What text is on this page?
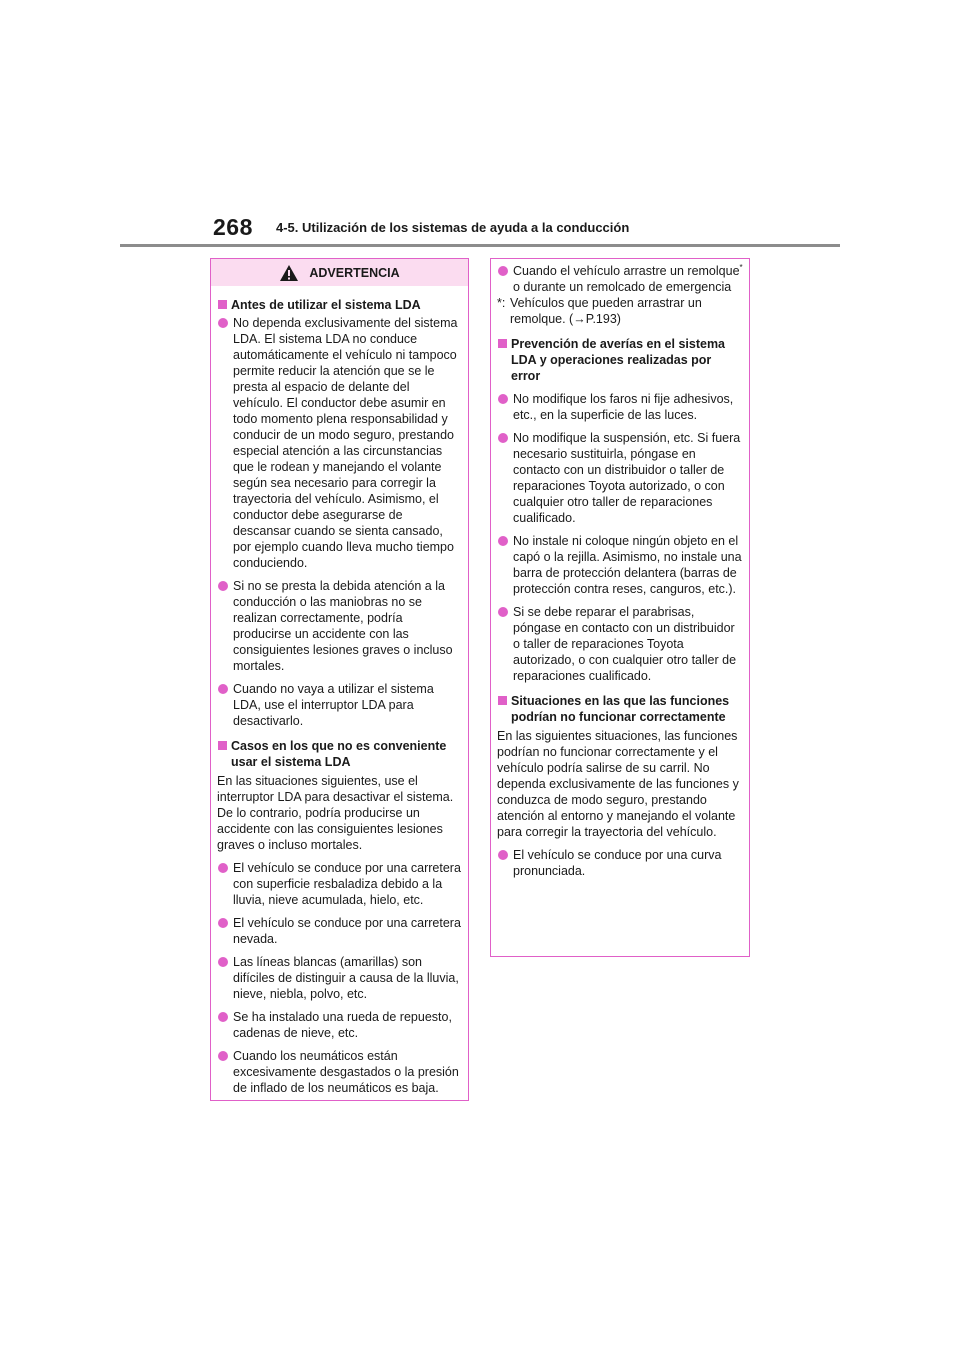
268 4-5. Utilización de los sistemas de ayuda a la conducción
ADVERTENCIA
Antes de utilizar el sistema LDA
No dependa exclusivamente del sistema LDA. El sistema LDA no conduce automáticamente el vehículo ni tampoco permite reducir la atención que se le presta al espacio de delante del vehículo. El conductor debe asumir en todo momento plena responsabilidad y conducir de un modo seguro, prestando especial atención a las circunstancias que le rodean y manejando el volante según sea necesario para corregir la trayectoria del vehículo. Asimismo, el conductor debe asegurarse de descansar cuando se sienta cansado, por ejemplo cuando lleva mucho tiempo conduciendo.
Si no se presta la debida atención a la conducción o las maniobras no se realizan correctamente, podría producirse un accidente con las consiguientes lesiones graves o incluso mortales.
Cuando no vaya a utilizar el sistema LDA, use el interruptor LDA para desactivarlo.
Casos en los que no es conveniente usar el sistema LDA
En las situaciones siguientes, use el interruptor LDA para desactivar el sistema. De lo contrario, podría producirse un accidente con las consiguientes lesiones graves o incluso mortales.
El vehículo se conduce por una carretera con superficie resbaladiza debido a la lluvia, nieve acumulada, hielo, etc.
El vehículo se conduce por una carretera nevada.
Las líneas blancas (amarillas) son difíciles de distinguir a causa de la lluvia, nieve, niebla, polvo, etc.
Se ha instalado una rueda de repuesto, cadenas de nieve, etc.
Cuando los neumáticos están excesivamente desgastados o la presión de inflado de los neumáticos es baja.
Cuando el vehículo arrastre un remolque* o durante un remolcado de emergencia
*: Vehículos que pueden arrastrar un remolque. (→P.193)
Prevención de averías en el sistema LDA y operaciones realizadas por error
No modifique los faros ni fije adhesivos, etc., en la superficie de las luces.
No modifique la suspensión, etc. Si fuera necesario sustituirla, póngase en contacto con un distribuidor o taller de reparaciones Toyota autorizado, o con cualquier otro taller de reparaciones cualificado.
No instale ni coloque ningún objeto en el capó o la rejilla. Asimismo, no instale una barra de protección delantera (barras de protección contra reses, canguros, etc.).
Si se debe reparar el parabrisas, póngase en contacto con un distribuidor o taller de reparaciones Toyota autorizado, o con cualquier otro taller de reparaciones cualificado.
Situaciones en las que las funciones podrían no funcionar correctamente
En las siguientes situaciones, las funciones podrían no funcionar correctamente y el vehículo podría salirse de su carril. No dependa exclusivamente de las funciones y conduzca de modo seguro, prestando atención al entorno y manejando el volante para corregir la trayectoria del vehículo.
El vehículo se conduce por una curva pronunciada.
